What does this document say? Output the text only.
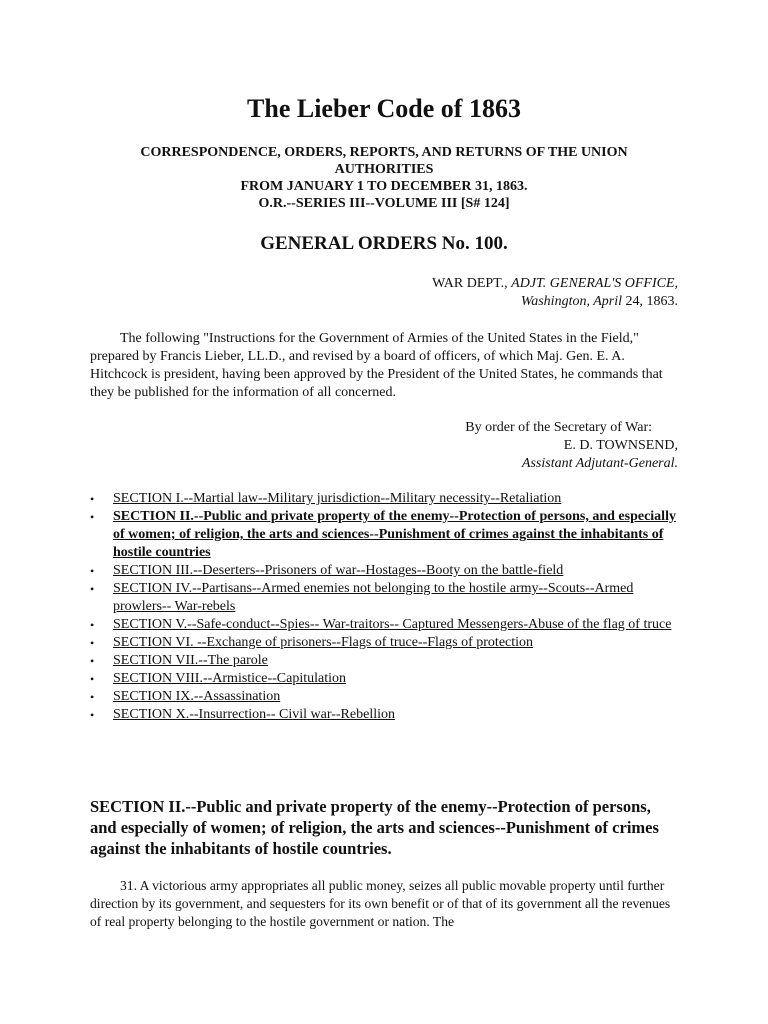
The Lieber Code of 1863
CORRESPONDENCE, ORDERS, REPORTS, AND RETURNS OF THE UNION
AUTHORITIES
FROM JANUARY 1 TO DECEMBER 31, 1863.
O.R.--SERIES III--VOLUME III [S# 124]
GENERAL ORDERS No. 100.
WAR DEPT., ADJT. GENERAL'S OFFICE,
Washington, April 24, 1863.

The following "Instructions for the Government of Armies of the United States in the Field," prepared by Francis Lieber, LL.D., and revised by a board of officers, of which Maj. Gen. E. A. Hitchcock is president, having been approved by the President of the United States, he commands that they be published for the information of all concerned.

By order of the Secretary of War:
E. D. TOWNSEND,
Assistant Adjutant-General.
• SECTION I.--Martial law--Military jurisdiction--Military necessity--Retaliation
• SECTION II.--Public and private property of the enemy--Protection of persons, and especially of women; of religion, the arts and sciences--Punishment of crimes against the inhabitants of hostile countries
• SECTION III.--Deserters--Prisoners of war--Hostages--Booty on the battle-field
• SECTION IV.--Partisans--Armed enemies not belonging to the hostile army--Scouts--Armed prowlers-- War-rebels
• SECTION V.--Safe-conduct--Spies-- War-traitors-- Captured Messengers-Abuse of the flag of truce
• SECTION VI. --Exchange of prisoners--Flags of truce--Flags of protection
• SECTION VII.--The parole
• SECTION VIII.--Armistice--Capitulation
• SECTION IX.--Assassination
• SECTION X.--Insurrection-- Civil war--Rebellion
SECTION II.--Public and private property of the enemy--Protection of persons, and especially of women; of religion, the arts and sciences--Punishment of crimes against the inhabitants of hostile countries.

31. A victorious army appropriates all public money, seizes all public movable property until further direction by its government, and sequesters for its own benefit or of that of its government all the revenues of real property belonging to the hostile government or nation. The
